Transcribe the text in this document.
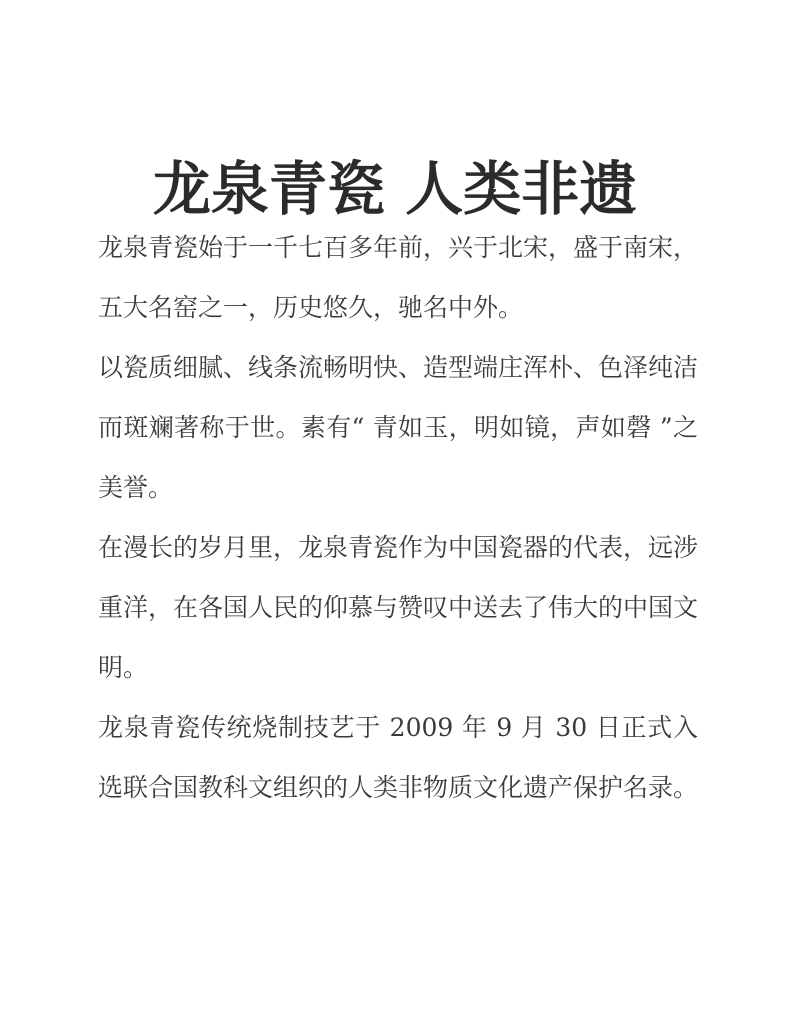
龙泉青瓷 人类非遗

龙泉青瓷始于一千七百多年前，兴于北宋，盛于南宋，五大名窑之一，历史悠久，驰名中外。

以瓷质细腻、线条流畅明快、造型端庄浑朴、色泽纯洁而斑斓著称于世。素有“ 青如玉，明如镜，声如磬 ”之美誉。

在漫长的岁月里，龙泉青瓷作为中国瓷器的代表，远涉重洋，在各国人民的仰慕与赞叹中送去了伟大的中国文明。

龙泉青瓷传统烧制技艺于 2009 年 9 月 30 日正式入选联合国教科文组织的人类非物质文化遗产保护名录。
